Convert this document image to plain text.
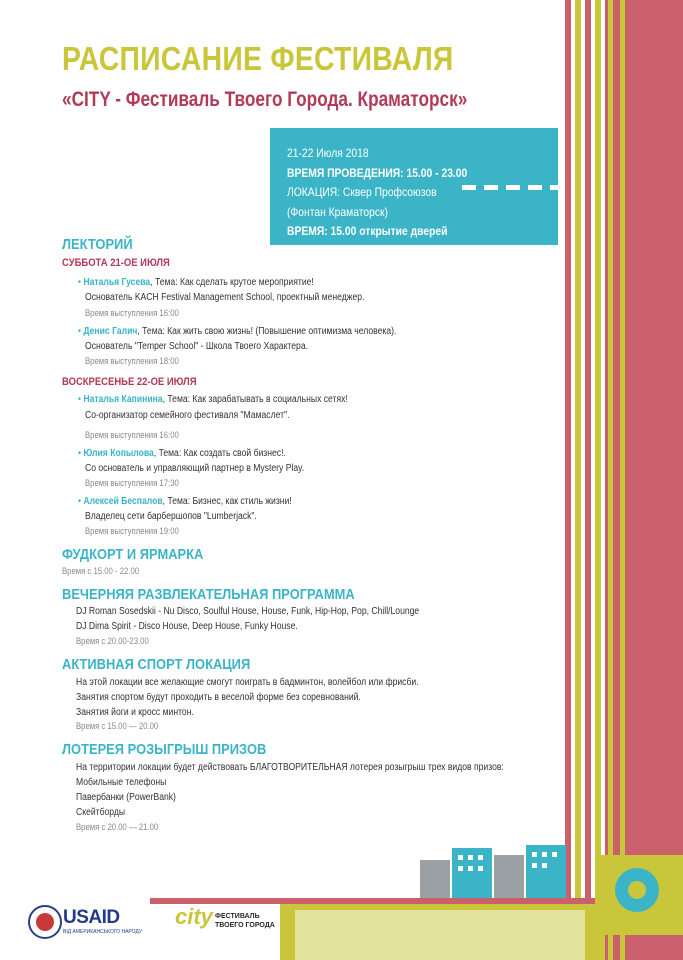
РАСПИСАНИЕ ФЕСТИВАЛЯ
«CITY - Фестиваль Твоего Города. Краматорск»
21-22 Июля 2018
ВРЕМЯ ПРОВЕДЕНИЯ: 15.00 - 23.00
ЛОКАЦИЯ: Сквер Профсоюзов
(Фонтан Краматорск)
ВРЕМЯ: 15.00 открытие дверей
ЛЕКТОРИЙ
СУББОТА 21-ОЕ ИЮЛЯ
• Наталья Гусева, Тема: Как сделать крутое мероприятие!
Основатель KACH Festival Management School, проектный менеджер.
Время выступления 16:00
• Денис Галич, Тема: Как жить свою жизнь! (Повышение оптимизма человека).
Основатель "Temper School" - Школа Твоего Характера.
Время выступления 18:00
ВОСКРЕСЕНЬЕ 22-ОЕ ИЮЛЯ
• Наталья Капинина, Тема: Как зарабатывать в социальных сетях!
Со-организатор семейного фестиваля "Мамаслет".
Время выступления 16:00
• Юлия Копылова, Тема: Как создать свой бизнес!.
Со основатель и управляющий партнер в Mystery Play.
Время выступления 17:30
• Алексей Беспалов, Тема: Бизнес, как стиль жизни!
Владелец сети барбершопов "Lumberjack".
Время выступления 19:00
ФУДКОРТ И ЯРМАРКА
Время с 15.00 - 22.00
ВЕЧЕРНЯЯ РАЗВЛЕКАТЕЛЬНАЯ ПРОГРАММА
DJ Roman Sosedskii - Nu Disco, Soulful House, House, Funk, Hip-Hop, Pop, Chill/Lounge
DJ Dima Spirit - Disco House, Deep House, Funky House.
Время с 20.00-23.00
АКТИВНАЯ СПОРТ ЛОКАЦИЯ
На этой локации все желающие смогут поиграть в бадминтон, волейбол или фрисби.
Занятия спортом будут проходить в веселой форме без соревнований.
Занятия йоги и кросс минтон.
Время с 15.00 — 20.00
ЛОТЕРЕЯ РОЗЫГРЫШ ПРИЗОВ
На территории локации будет действовать БЛАГОТВОРИТЕЛЬНАЯ лотерея розыгрыш трех видов призов:
Мобильные телефоны
Павербанки (PowerBank)
Скейтборды
Время с 20.00 — 21.00
USAID
ВІД АМЕРИКАНСЬКОГО НАРОДУ
city ФЕСТИВАЛЬ
ТВОЕГО ГОРОДА
